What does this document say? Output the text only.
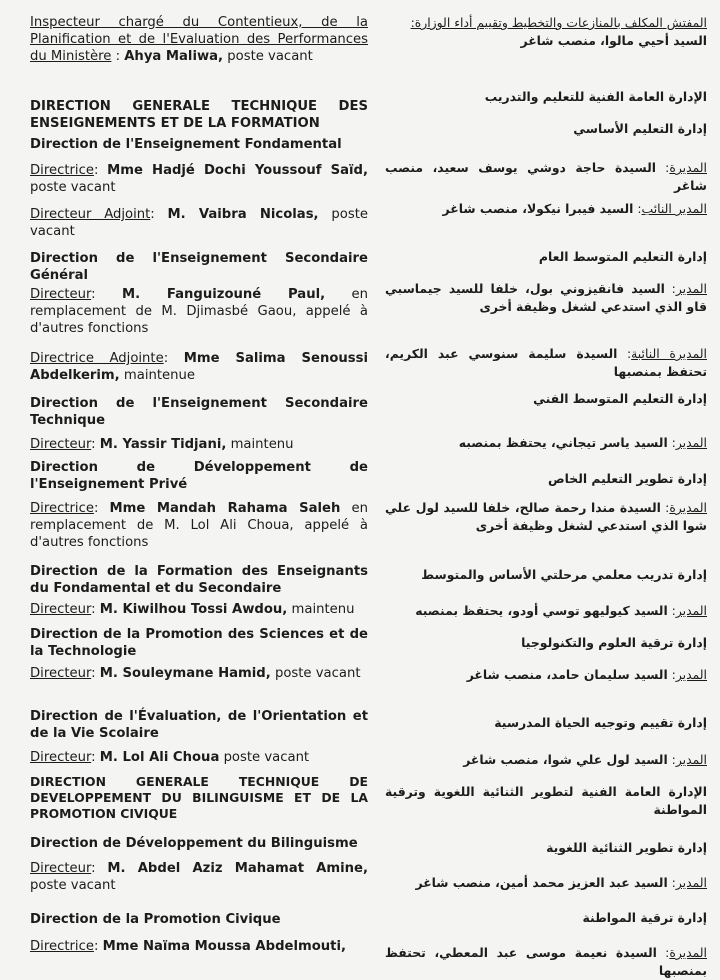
Inspecteur chargé du Contentieux, de la Planification et de l'Evaluation des Performances du Ministère : Ahya Maliwa, poste vacant
DIRECTION GENERALE TECHNIQUE DES ENSEIGNEMENTS ET DE LA FORMATION
Direction de l'Enseignement Fondamental
Directrice: Mme Hadjé Dochi Youssouf Saïd, poste vacant
Directeur Adjoint: M. Vaibra Nicolas, poste vacant
Direction de l'Enseignement Secondaire Général
Directeur: M. Fanguizouné Paul, en remplacement de M. Djimasbé Gaou, appelé à d'autres fonctions
Directrice Adjointe: Mme Salima Senoussi Abdelkerim, maintenue
Direction de l'Enseignement Secondaire Technique
Directeur: M. Yassir Tidjani, maintenu
Direction de Développement de l'Enseignement Privé
Directrice: Mme Mandah Rahama Saleh en remplacement de M. Lol Ali Choua, appelé à d'autres fonctions
Direction de la Formation des Enseignants du Fondamental et du Secondaire
Directeur: M. Kiwilhou Tossi Awdou, maintenu
Direction de la Promotion des Sciences et de la Technologie
Directeur: M. Souleymane Hamid, poste vacant
Direction de l'Évaluation, de l'Orientation et de la Vie Scolaire
Directeur: M. Lol Ali Choua poste vacant
DIRECTION GENERALE TECHNIQUE DE DEVELOPPEMENT DU BILINGUISME ET DE LA PROMOTION CIVIQUE
Direction de Développement du Bilinguisme
Directeur: M. Abdel Aziz Mahamat Amine, poste vacant
Direction de la Promotion Civique
Directrice: Mme Naïma Moussa Abdelmouti,
المفتش المكلف بالمنازعات والتخطيط وتقييم أداء الوزارة:
السيد أحيي مالوا، منصب شاغر
الإدارة العامة الفنية للتعليم والتدريب
إدارة التعليم الأساسي
المديرة: السيدة حاجة دوشي يوسف سعيد، منصب شاغر
المدير النائب: السيد فيبرا نيكولا، منصب شاغر
إدارة التعليم المتوسط العام
المدير: السيد فانقيزوني بول، خلفا للسيد جيماسبي قاو الذي استدعي لشغل وظيفة أخرى
المديرة النائبة: السيدة سليمة سنوسي عبد الكريم، تحتفظ بمنصبها
إدارة التعليم المتوسط الفني
المدير: السيد ياسر تيجاني، يحتفظ بمنصبه
إدارة تطوير التعليم الخاص
المديرة: السيدة مندا رحمة صالح، خلفا للسيد لول علي شوا الذي استدعي لشغل وظيفة أخرى
إدارة تدريب معلمي مرحلتي الأساس والمتوسط
المدير: السيد كيوليهو توسي أودو، يحتفظ بمنصبه
إدارة ترقية العلوم والتكنولوجيا
المدير: السيد سليمان حامد، منصب شاغر
إدارة تقييم وتوجيه الحياة المدرسية
المدير: السيد لول علي شوا، منصب شاغر
الإدارة العامة الفنية لتطوير الثنائية اللغوية وترقية المواطنة
إدارة تطوير الثنائية اللغوية
المدير: السيد عبد العزيز محمد أمين، منصب شاغر
إدارة ترقية المواطنة
المديرة: السيدة نعيمة موسى عبد المعطي، تحتفظ بمنصبها
